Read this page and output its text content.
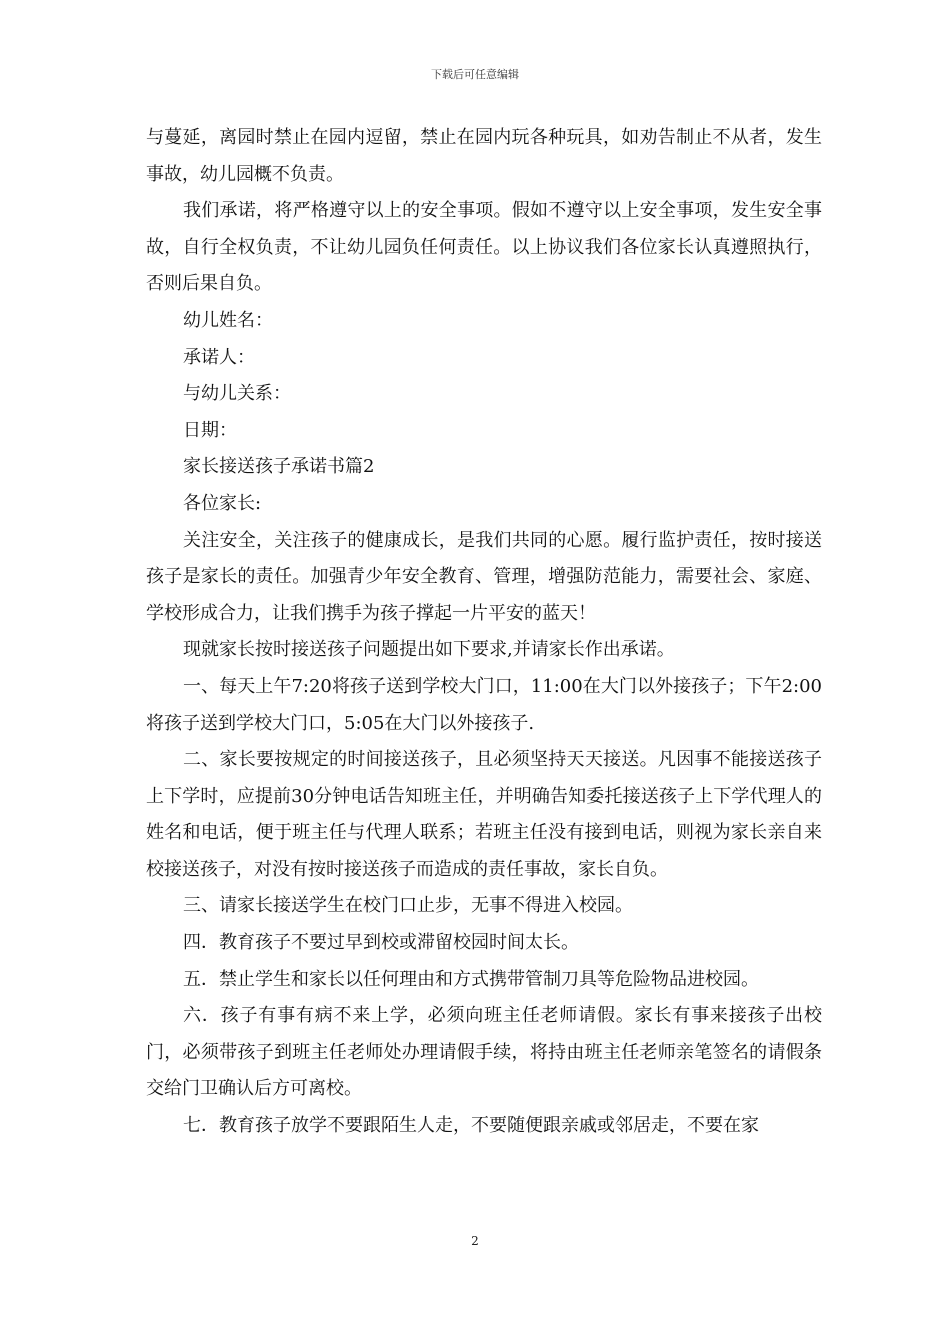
下载后可任意编辑

与蔓延，离园时禁止在园内逗留，禁止在园内玩各种玩具，如劝告制止不从者，发生事故，幼儿园概不负责。

我们承诺，将严格遵守以上的安全事项。假如不遵守以上安全事项，发生安全事故，自行全权负责，不让幼儿园负任何责任。以上协议我们各位家长认真遵照执行，否则后果自负。

幼儿姓名：

承诺人：

与幼儿关系：

日期：

家长接送孩子承诺书篇2

各位家长:

关注安全，关注孩子的健康成长，是我们共同的心愿。履行监护责任，按时接送孩子是家长的责任。加强青少年安全教育、管理，增强防范能力，需要社会、家庭、学校形成合力，让我们携手为孩子撑起一片平安的蓝天！

现就家长按时接送孩子问题提出如下要求,并请家长作出承诺。

一、每天上午7:20将孩子送到学校大门口，11:00在大门以外接孩子；下午2:00将孩子送到学校大门口，5:05在大门以外接孩子.

二、家长要按规定的时间接送孩子，且必须坚持天天接送。凡因事不能接送孩子上下学时，应提前30分钟电话告知班主任，并明确告知委托接送孩子上下学代理人的姓名和电话，便于班主任与代理人联系；若班主任没有接到电话，则视为家长亲自来校接送孩子，对没有按时接送孩子而造成的责任事故，家长自负。

三、请家长接送学生在校门口止步，无事不得进入校园。

四．教育孩子不要过早到校或滞留校园时间太长。

五．禁止学生和家长以任何理由和方式携带管制刀具等危险物品进校园。

六．孩子有事有病不来上学，必须向班主任老师请假。家长有事来接孩子出校门，必须带孩子到班主任老师处办理请假手续，将持由班主任老师亲笔签名的请假条交给门卫确认后方可离校。

七．教育孩子放学不要跟陌生人走，不要随便跟亲戚或邻居走，不要在家

2
